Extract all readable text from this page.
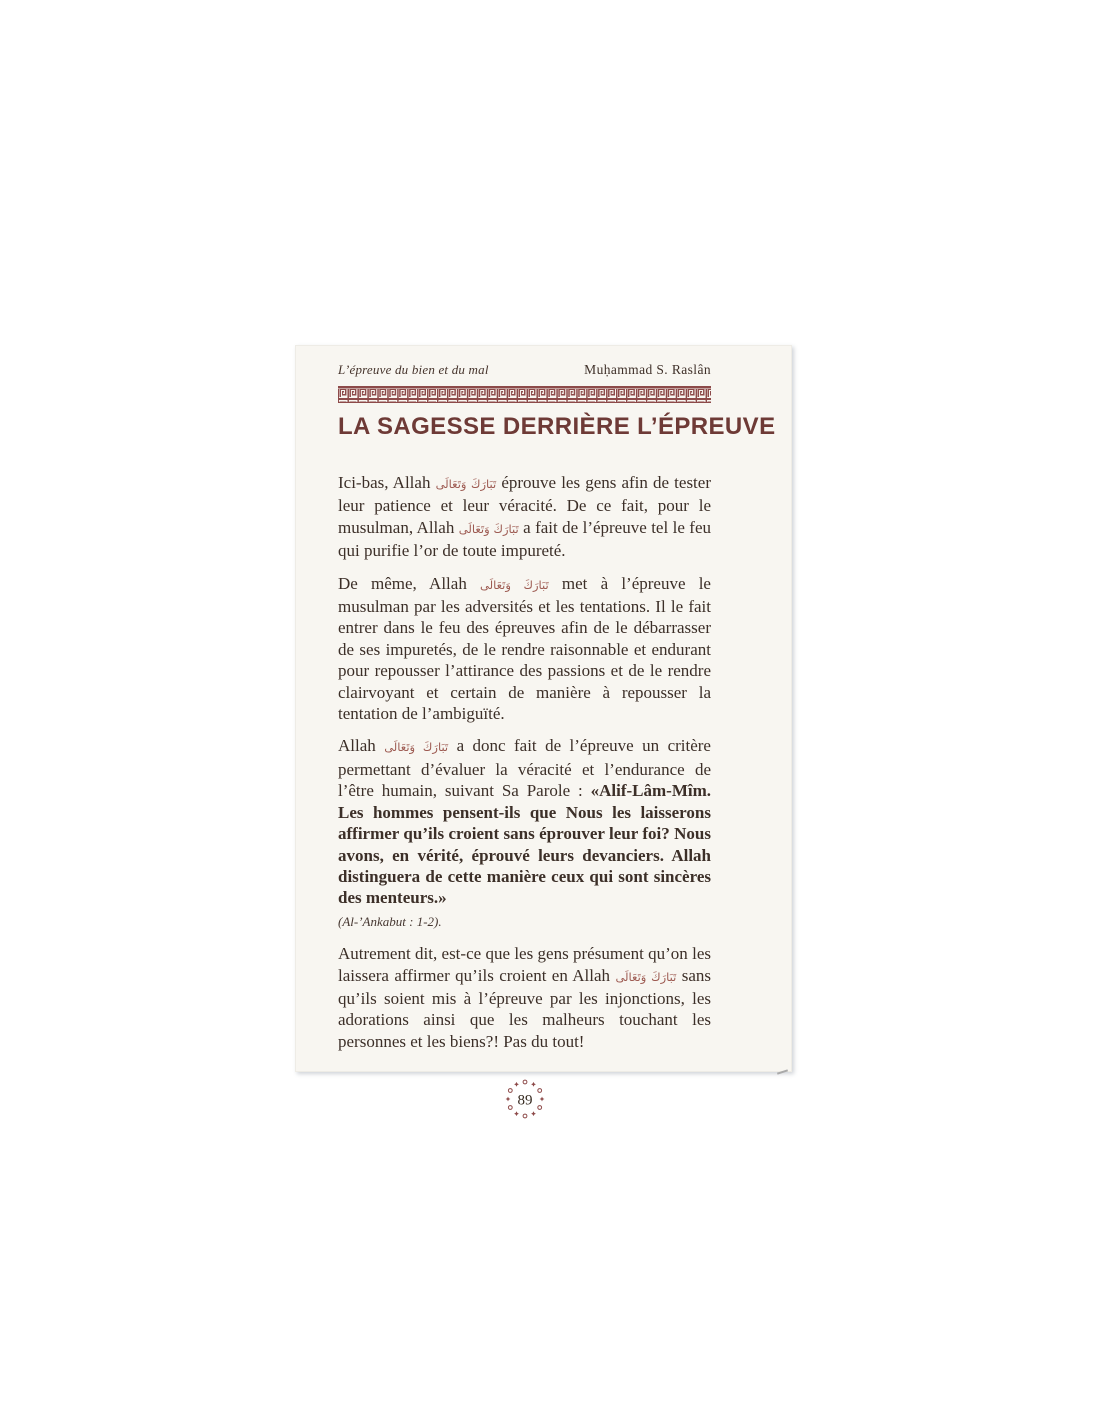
L’épreuve du bien et du mal	Muḥammad S. Raslân
LA SAGESSE DERRIÈRE L’ÉPREUVE

Ici-bas, Allah تَبَارَكَ وَتَعَالَى éprouve les gens afin de tester leur patience et leur véracité. De ce fait, pour le musulman, Allah تَبَارَكَ وَتَعَالَى a fait de l’épreuve tel le feu qui purifie l’or de toute impureté.

De même, Allah تَبَارَكَ وَتَعَالَى met à l’épreuve le musulman par les adversités et les tentations. Il le fait entrer dans le feu des épreuves afin de le débarrasser de ses impuretés, de le rendre raisonnable et endurant pour repousser l’attirance des passions et de le rendre clairvoyant et certain de manière à repousser la tentation de l’ambiguïté.

Allah تَبَارَكَ وَتَعَالَى a donc fait de l’épreuve un critère permettant d’évaluer la véracité et l’endurance de l’être humain, suivant Sa Parole : «Alif-Lâm-Mîm. Les hommes pensent-ils que Nous les laisserons affirmer qu’ils croient sans éprouver leur foi? Nous avons, en vérité, éprouvé leurs devanciers. Allah distinguera de cette manière ceux qui sont sincères des menteurs.»
(Al-’Ankabut : 1-2).

Autrement dit, est-ce que les gens présument qu’on les laissera affirmer qu’ils croient en Allah تَبَارَكَ وَتَعَالَى sans qu’ils soient mis à l’épreuve par les injonctions, les adorations ainsi que les malheurs touchant les personnes et les biens?! Pas du tout!

89
